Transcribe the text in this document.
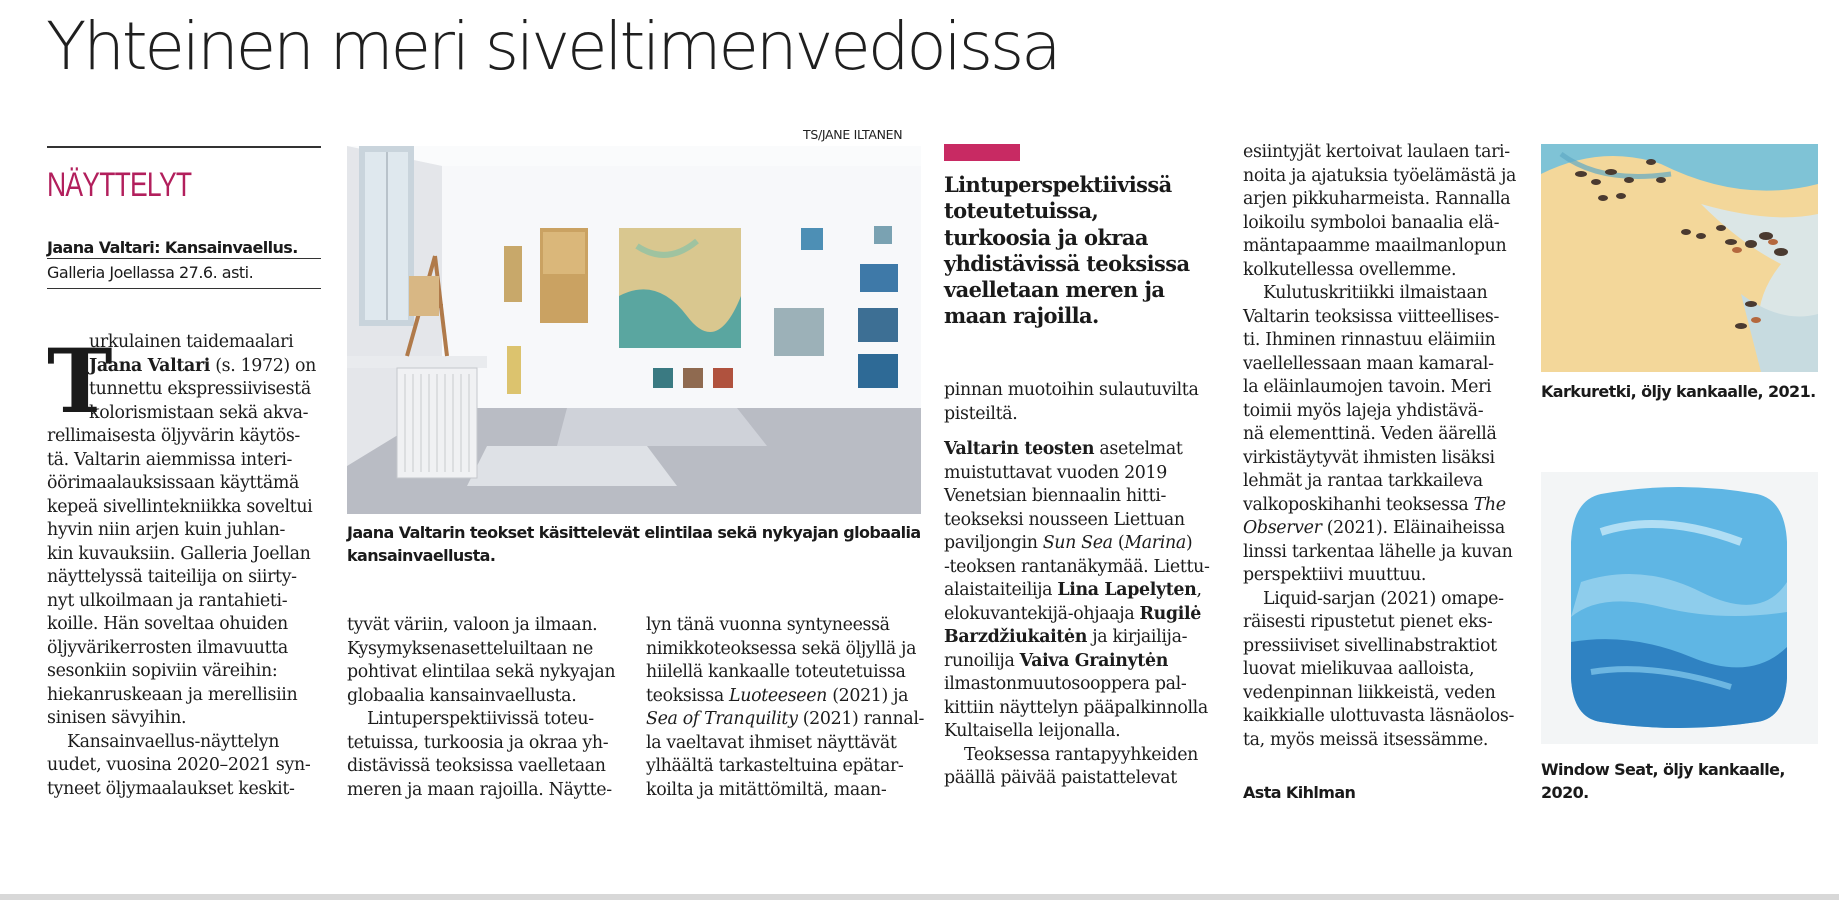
Yhteinen meri siveltimenvedoissa
NÄYTTELYT
Jaana Valtari: Kansainvaellus.
Galleria Joellassa 27.6. asti.
T
urkulainen taidemaalari
Jaana Valtari (s. 1972) on
tunnettu ekspressiivisestä
kolorismistaan sekä akva-
rellimaisesta öljyvärin käytös-
tä. Valtarin aiemmissa interi-
öörimaalauksissaan käyttämä
kepeä sivellintekniikka soveltui
hyvin niin arjen kuin juhlan-
kin kuvauksiin. Galleria Joellan
näyttelyssä taiteilija on siirty-
nyt ulkoilmaan ja rantahieti-
koille. Hän soveltaa ohuiden
öljyvärikerrosten ilmavuutta
sesonkiin sopiviin väreihin:
hiekanruskeaan ja merellisiin
sinisen sävyihin.
Kansainvaellus-näyttelyn
uudet, vuosina 2020–2021 syn-
tyneet öljymaalaukset keskit-
TS/JANE ILTANEN
Jaana Valtarin teokset käsittelevät elintilaa sekä nykyajan globaalia
kansainvaellusta.
tyvät väriin, valoon ja ilmaan.
Kysymyksenasetteluiltaan ne
pohtivat elintilaa sekä nykyajan
globaalia kansainvaellusta.
Lintuperspektiivissä toteu-
tetuissa, turkoosia ja okraa yh-
distävissä teoksissa vaelletaan
meren ja maan rajoilla. Näytte-
lyn tänä vuonna syntyneessä
nimikkoteoksessa sekä öljyllä ja
hiilellä kankaalle toteutetuissa
teoksissa Luoteeseen (2021) ja
Sea of Tranquility (2021) rannal-
la vaeltavat ihmiset näyttävät
ylhäältä tarkasteltuina epätar-
koilta ja mitättömiltä, maan-
Lintuperspektiivissä
toteutetuissa,
turkoosia ja okraa
yhdistävissä teoksissa
vaelletaan meren ja
maan rajoilla.
pinnan muotoihin sulautuvilta
pisteiltä.
Valtarin teosten asetelmat
muistuttavat vuoden 2019
Venetsian biennaalin hitti-
teokseksi nousseen Liettuan
paviljongin Sun Sea (Marina)
-teoksen rantanäkymää. Liettu-
alaistaiteilija Lina Lapelyten,
elokuvantekijä-ohjaaja Rugilė
Barzdžiukaitėn ja kirjailija-
runoilija Vaiva Grainytėn
ilmastonmuutosooppera pal-
kittiin näyttelyn pääpalkinnolla
Kultaisella leijonalla.
Teoksessa rantapyyhkeiden
päällä päivää paistattelevat
esiintyjät kertoivat laulaen tari-
noita ja ajatuksia työelämästä ja
arjen pikkuharmeista. Rannalla
loikoilu symboloi banaalia elä-
mäntapaamme maailmanlopun
kolkutellessa ovellemme.
Kulutuskritiikki ilmaistaan
Valtarin teoksissa viitteellises-
ti. Ihminen rinnastuu eläimiin
vaellellessaan maan kamaral-
la eläinlaumojen tavoin. Meri
toimii myös lajeja yhdistävä-
nä elementtinä. Veden äärellä
virkistäytyvät ihmisten lisäksi
lehmät ja rantaa tarkkaileva
valkoposkihanhi teoksessa The
Observer (2021). Eläinaiheissa
linssi tarkentaa lähelle ja kuvan
perspektiivi muuttuu.
Liquid-sarjan (2021) omape-
räisesti ripustetut pienet eks-
pressiiviset sivellinabstraktiot
luovat mielikuvaa aalloista,
vedenpinnan liikkeistä, veden
kaikkialle ulottuvasta läsnäolos-
ta, myös meissä itsessämme.
Asta Kihlman
Karkuretki, öljy kankaalle, 2021.
Window Seat, öljy kankaalle,
2020.
